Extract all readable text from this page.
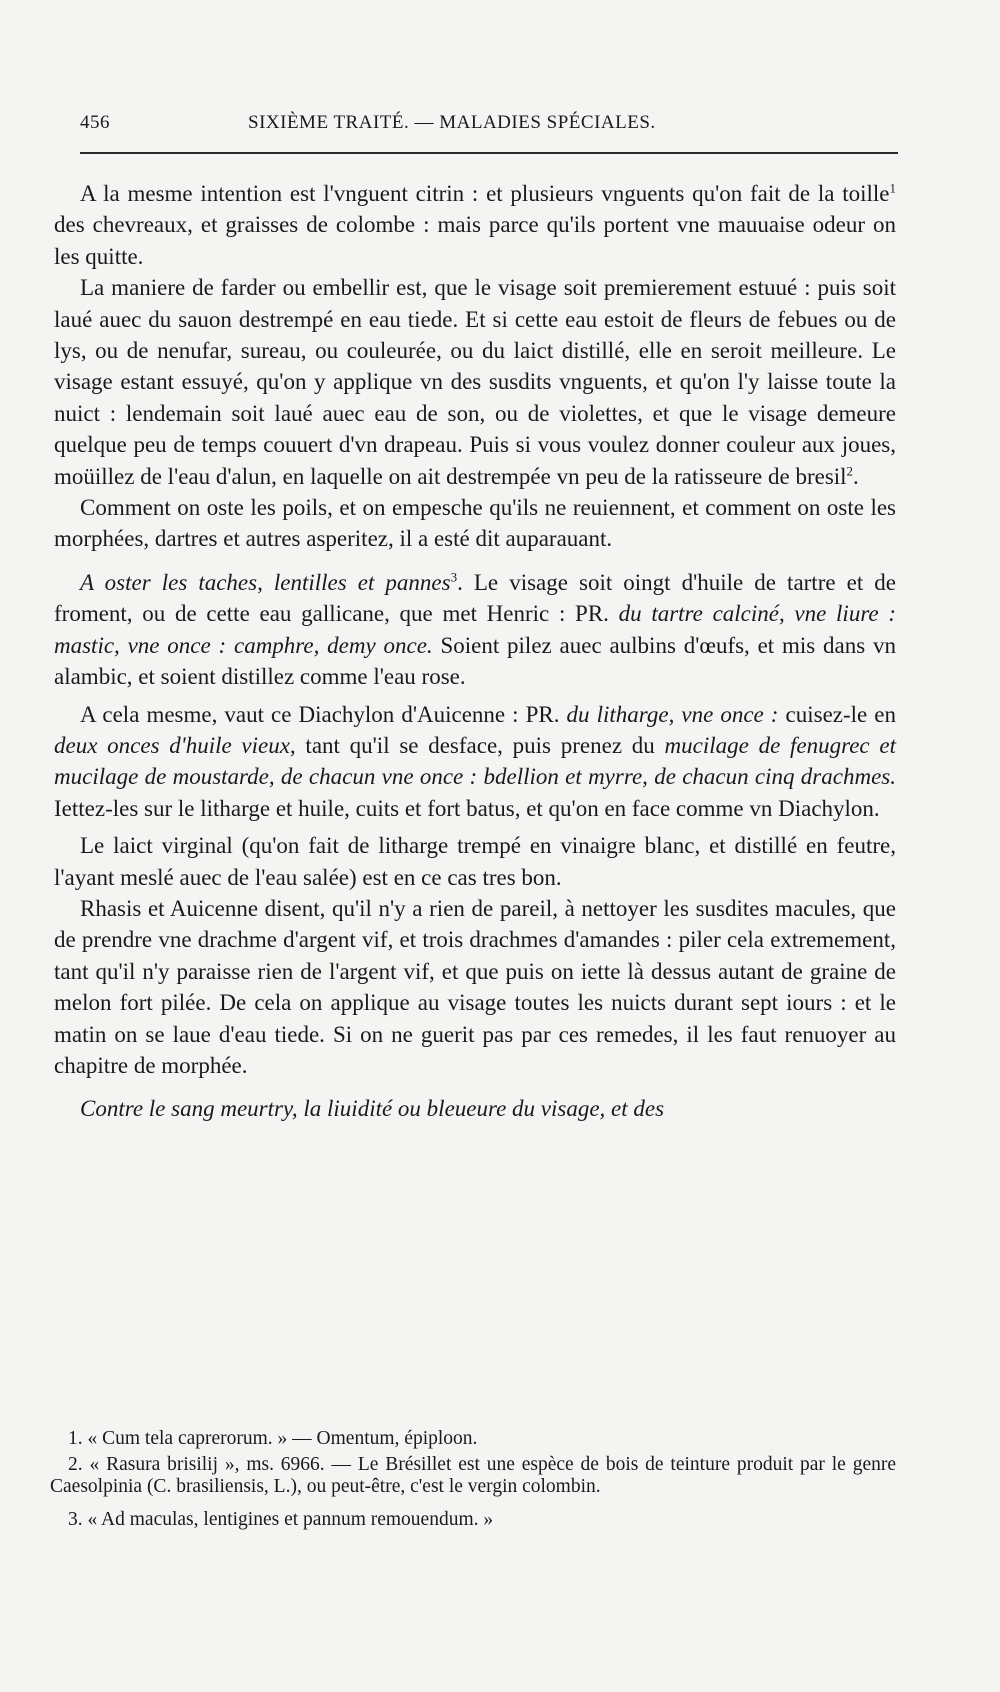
456	SIXIÈME TRAITÉ. — MALADIES SPÉCIALES.

A la mesme intention est l'vnguent citrin : et plusieurs vnguents qu'on fait de la toille$^1$ des chevreaux, et graisses de colombe : mais parce qu'ils portent vne mauuaise odeur on les quitte.

La maniere de farder ou embellir est, que le visage soit premierement estuué : puis soit laué auec du sauon destrempé en eau tiede. Et si cette eau estoit de fleurs de febues ou de lys, ou de nenufar, sureau, ou couleurée, ou du laict distillé, elle en seroit meilleure. Le visage estant essuyé, qu'on y applique vn des susdits vnguents, et qu'on l'y laisse toute la nuict : lendemain soit laué auec eau de son, ou de violettes, et que le visage demeure quelque peu de temps couuert d'vn drapeau. Puis si vous voulez donner couleur aux joues, moüillez de l'eau d'alun, en laquelle on ait destrempée vn peu de la ratisseure de bresil$^2$.

Comment on oste les poils, et on empesche qu'ils ne reuiennent, et comment on oste les morphées, dartres et autres asperitez, il a esté dit auparauant.

A oster les taches, lentilles et pannes$^3$. Le visage soit oingt d'huile de tartre et de froment, ou de cette eau gallicane, que met Henric : PR. du tartre calciné, vne liure : mastic, vne once : camphre, demy once. Soient pilez auec aulbins d'œufs, et mis dans vn alambic, et soient distillez comme l'eau rose.

A cela mesme, vaut ce Diachylon d'Auicenne : PR. du litharge, vne once : cuisez-le en deux onces d'huile vieux, tant qu'il se desface, puis prenez du mucilage de fenugrec et mucilage de moustarde, de chacun vne once : bdellion et myrre, de chacun cinq drachmes. Iettez-les sur le litharge et huile, cuits et fort batus, et qu'on en face comme vn Diachylon.

Le laict virginal (qu'on fait de litharge trempé en vinaigre blanc, et distillé en feutre, l'ayant meslé auec de l'eau salée) est en ce cas tres bon.

Rhasis et Auicenne disent, qu'il n'y a rien de pareil, à nettoyer les susdites macules, que de prendre vne drachme d'argent vif, et trois drachmes d'amandes : piler cela extremement, tant qu'il n'y paraisse rien de l'argent vif, et que puis on iette là dessus autant de graine de melon fort pilée. De cela on applique au visage toutes les nuicts durant sept iours : et le matin on se laue d'eau tiede. Si on ne guerit pas par ces remedes, il les faut renuoyer au chapitre de morphée.

Contre le sang meurtry, la liuidité ou bleueure du visage, et des

1. « Cum tela caprerorum. » — Omentum, épiploon.

2. « Rasura brisilij », ms. 6966. — Le Brésillet est une espèce de bois de teinture produit par le genre Caesolpinia (C. brasiliensis, L.), ou peut-être, c'est le vergin colombin.

3. « Ad maculas, lentigines et pannum remouendum. »
